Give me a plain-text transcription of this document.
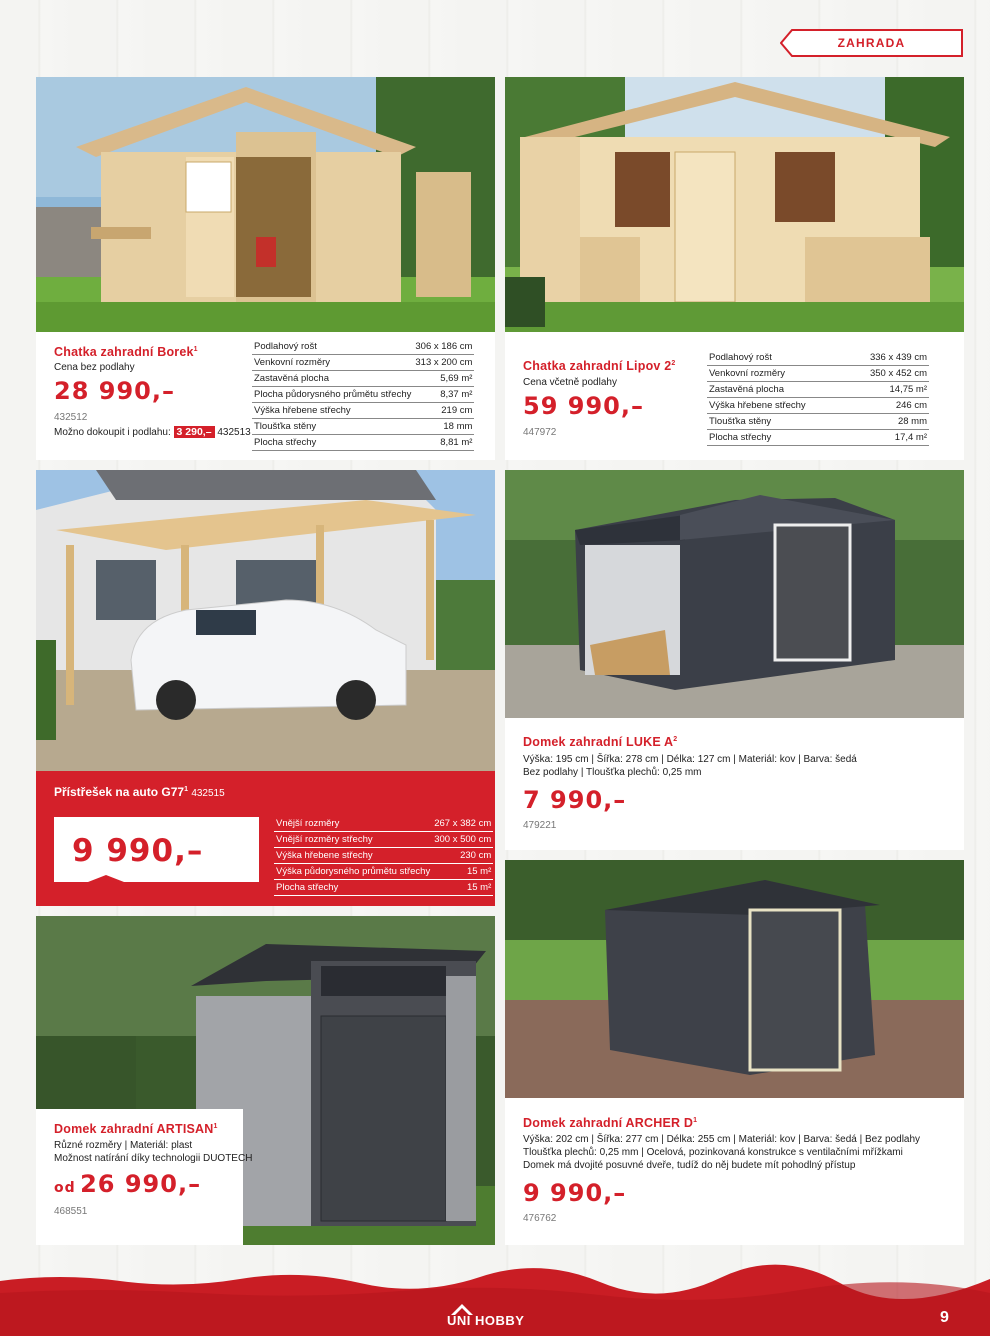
ZAHRADA
Chatka zahradní Borek$^1$
Cena bez podlahy
28 990,–
432512
Možno dokoupit i podlahu: 3 290,– 432513
Podlahový rošt	306 x 186 cm
Venkovní rozměry	313 x 200 cm
Zastavěná plocha	5,69 m²
Plocha půdorysného průmětu střechy	8,37 m²
Výška hřebene střechy	219 cm
Tloušťka stěny	18 mm
Plocha střechy	8,81 m²
Chatka zahradní Lipov $2^2$
Cena včetně podlahy
59 990,–
447972
Podlahový rošt	336 x 439 cm
Venkovní rozměry	350 x 452 cm
Zastavěná plocha	14,75 m²
Výška hřebene střechy	246 cm
Tloušťka stěny	28 mm
Plocha střechy	17,4 m²
Přístřešek na auto $G77^1$ 432515
9 990,–
Vnější rozměry	267 x 382 cm
Vnější rozměry střechy	300 x 500 cm
Výška hřebene střechy	230 cm
Výška půdorysného průmětu střechy	15 m²
Plocha střechy	15 m²
Domek zahradní LUKE $A^2$
Výška: 195 cm | Šířka: 278 cm | Délka: 127 cm | Materiál: kov | Barva: šedá
Bez podlahy | Tloušťka plechů: 0,25 mm
7 990,–
479221
Domek zahradní ARTISAN$^1$
Různé rozměry | Materiál: plast
Možnost natírání díky technologii DUOTECH
od 26 990,–
468551
Domek zahradní ARCHER $D^1$
Výška: 202 cm | Šířka: 277 cm | Délka: 255 cm | Materiál: kov | Barva: šedá | Bez podlahy
Tloušťka plechů: 0,25 mm | Ocelová, pozinkovaná konstrukce s ventilačními mřížkami
Domek má dvojité posuvné dveře, tudíž do něj budete mít pohodlný přístup
9 990,–
476762
UNI HOBBY	9
